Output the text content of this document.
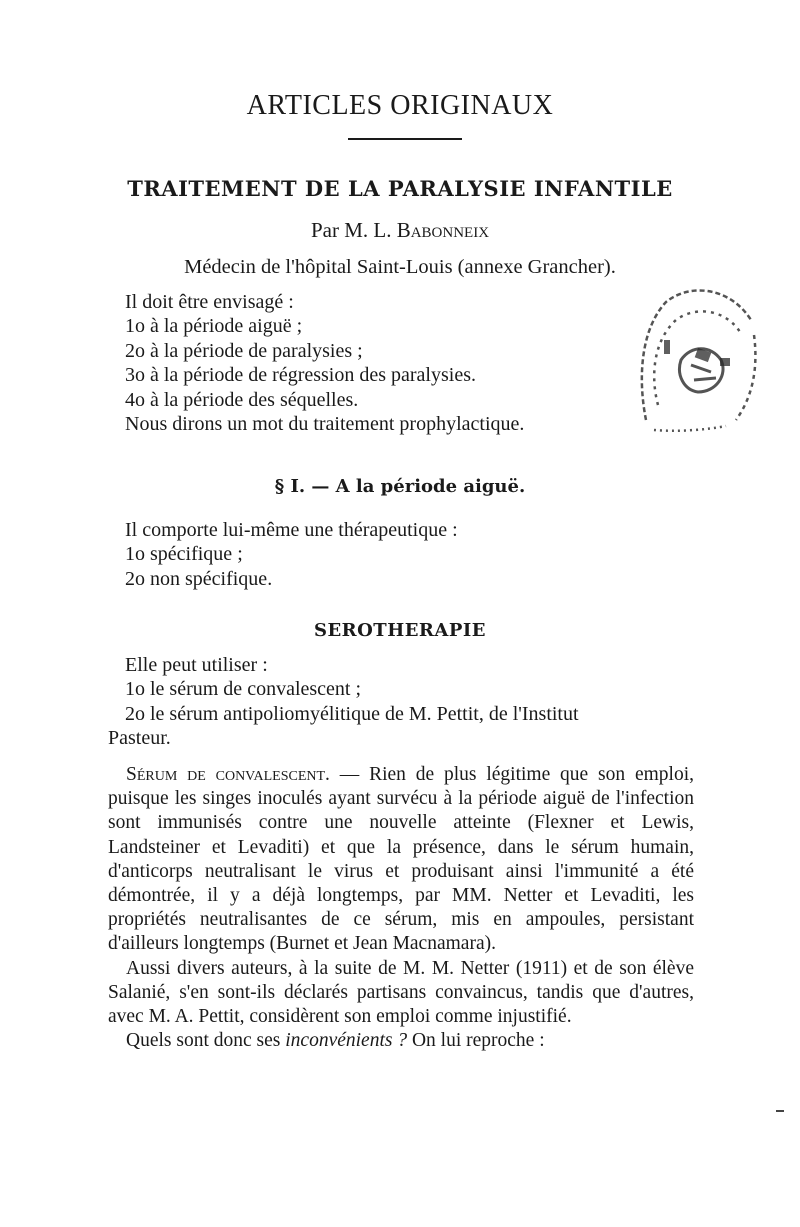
ARTICLES ORIGINAUX
TRAITEMENT DE LA PARALYSIE INFANTILE
Par M. L. Babonneix
Médecin de l'hôpital Saint-Louis (annexe Grancher).
Il doit être envisagé :
1o à la période aiguë ;
2o à la période de paralysies ;
3o à la période de régression des paralysies.
4o à la période des séquelles.
Nous dirons un mot du traitement prophylactique.
§ I. — A la période aiguë.
Il comporte lui-même une thérapeutique :
1o spécifique ;
2o non spécifique.
SEROTHERAPIE
Elle peut utiliser :
1o le sérum de convalescent ;
2o le sérum antipoliomyélitique de M. Pettit, de l'Institut
Pasteur.

Sérum de convalescent. — Rien de plus légitime que son emploi, puisque les singes inoculés ayant survécu à la période aiguë de l'infection sont immunisés contre une nouvelle atteinte (Flexner et Lewis, Landsteiner et Levaditi) et que la présence, dans le sérum humain, d'anticorps neutralisant le virus et produisant ainsi l'immunité a été démontrée, il y a déjà longtemps, par MM. Netter et Levaditi, les propriétés neutralisantes de ce sérum, mis en ampoules, persistant d'ailleurs longtemps (Burnet et Jean Macnamara).

Aussi divers auteurs, à la suite de M. M. Netter (1911) et de son élève Salanié, s'en sont-ils déclarés partisans convaincus, tandis que d'autres, avec M. A. Pettit, considèrent son emploi comme injustifié.

Quels sont donc ses inconvénients ? On lui reproche :
